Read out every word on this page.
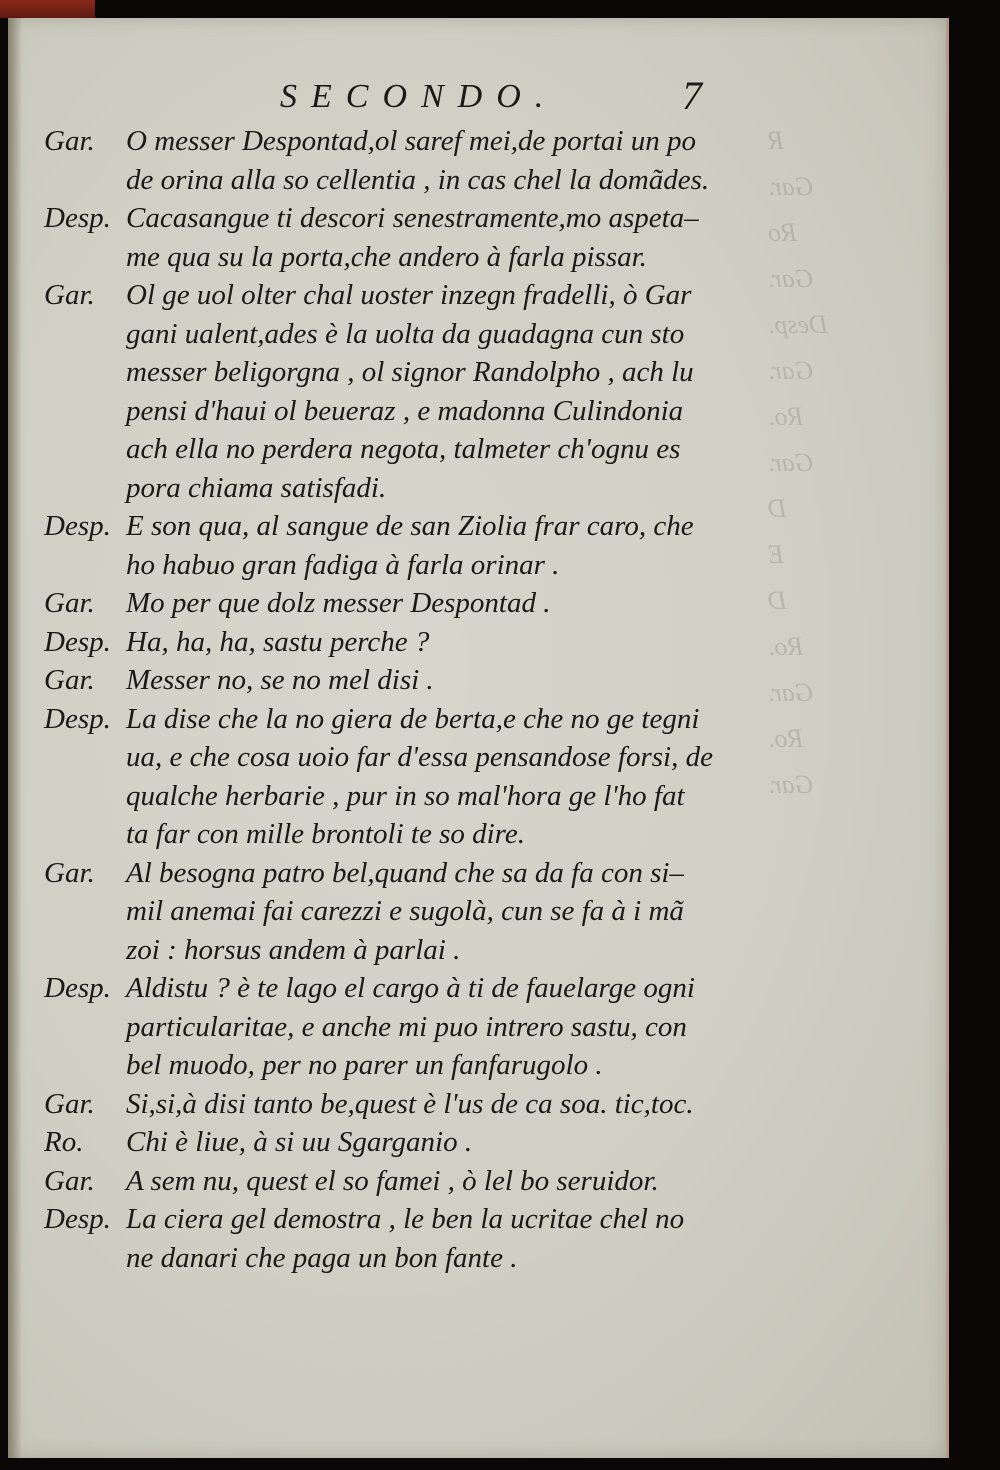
R
Gar.
Ro
Gar.
Desp.
Gar.
Ro.
Gar.
D
E
D
Ro.
Gar.
Ro.
Gar.
SECONDO.	7
Gar.	O messer Despontad,ol saref mei,de portai un po
de orina alla so cellentia , in cas chel la domãdes.
Desp. Cacasangue ti descori senestramente,mo aspeta–
me qua su la porta,che andero à farla pissar.
Gar.	Ol ge uol olter chal uoster inzegn fradelli, ò Gar
gani ualent,ades è la uolta da guadagna cun sto
messer beligorgna , ol signor Randolpho , ach lu
pensi d'haui ol beueraz , e madonna Culindonia
ach ella no perdera negota, talmeter ch'ognu es
pora chiama satisfadi.
Desp. E son qua, al sangue de san Ziolia frar caro, che
ho habuo gran fadiga à farla orinar .
Gar.	Mo per que dolz messer Despontad .
Desp. Ha, ha, ha, sastu perche ?
Gar.	Messer no, se no mel disi .
Desp. La dise che la no giera de berta,e che no ge tegni
ua, e che cosa uoio far d'essa pensandose forsi, de
qualche herbarie , pur in so mal'hora ge l'ho fat
ta far con mille brontoli te so dire.
Gar.	Al besogna patro bel,quand che sa da fa con si–
mil anemai fai carezzi e sugolà, cun se fa à i mã
zoi : horsus andem à parlai .
Desp. Aldistu ? è te lago el cargo à ti de fauelarge ogni
particularitae, e anche mi puo intrero sastu, con
bel muodo, per no parer un fanfarugolo .
Gar.	Si,si,à disi tanto be,quest è l'us de ca soa. tic,toc.
Ro.	Chi è liue, à si uu Sgarganio .
Gar.	A sem nu, quest el so famei , ò lel bo seruidor.
Desp. La ciera gel demostra , le ben la ucritae chel no
ne danari che paga un bon fante .
